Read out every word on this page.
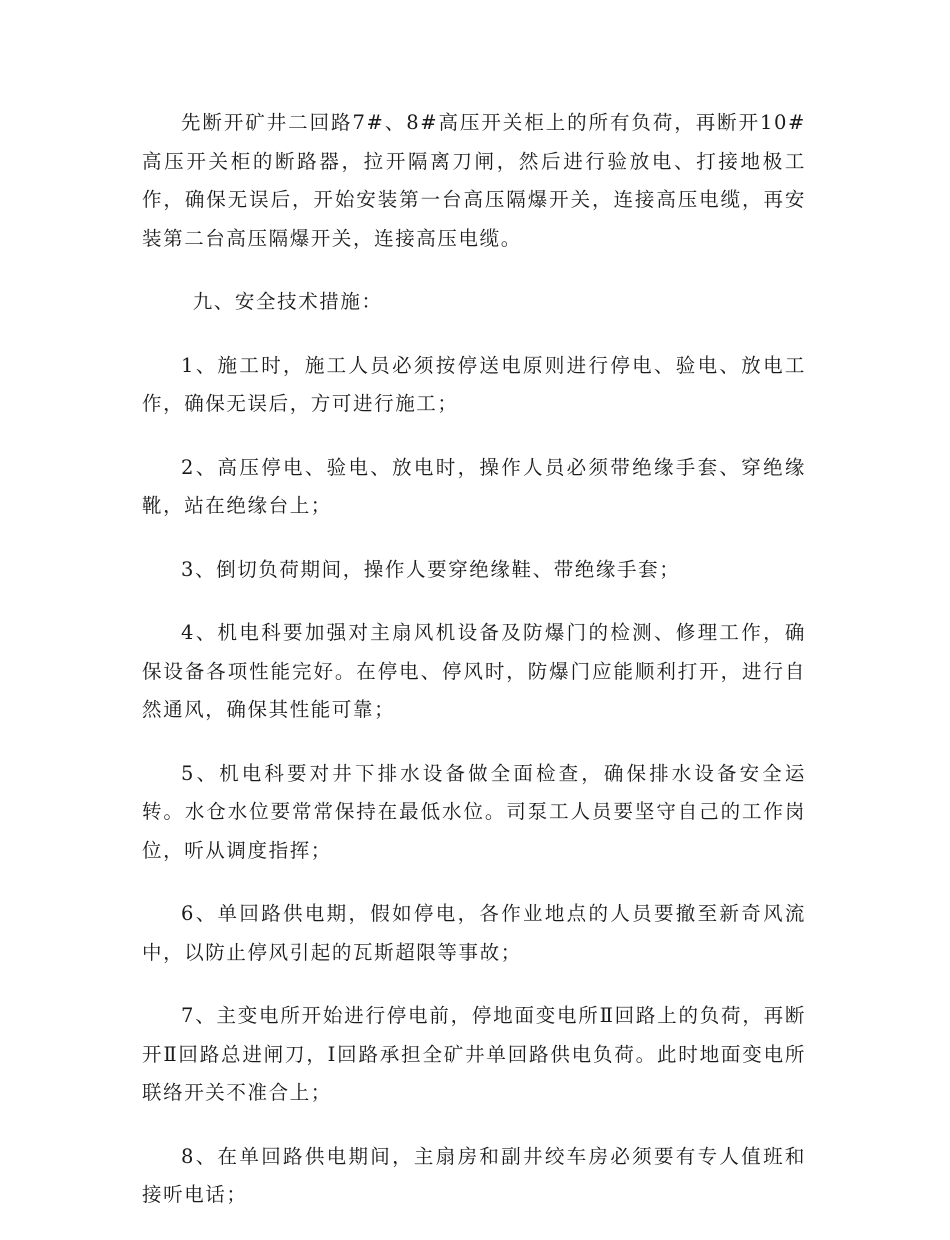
先断开矿井二回路7#、8#高压开关柜上的所有负荷，再断开10#高压开关柜的断路器，拉开隔离刀闸，然后进行验放电、打接地极工作，确保无误后，开始安装第一台高压隔爆开关，连接高压电缆，再安装第二台高压隔爆开关，连接高压电缆。

九、安全技术措施：

1、施工时，施工人员必须按停送电原则进行停电、验电、放电工作，确保无误后，方可进行施工；

2、高压停电、验电、放电时，操作人员必须带绝缘手套、穿绝缘靴，站在绝缘台上；

3、倒切负荷期间，操作人要穿绝缘鞋、带绝缘手套；

4、机电科要加强对主扇风机设备及防爆门的检测、修理工作，确保设备各项性能完好。在停电、停风时，防爆门应能顺利打开，进行自然通风，确保其性能可靠；

5、机电科要对井下排水设备做全面检查，确保排水设备安全运转。水仓水位要常常保持在最低水位。司泵工人员要坚守自己的工作岗位，听从调度指挥；

6、单回路供电期，假如停电，各作业地点的人员要撤至新奇风流中，以防止停风引起的瓦斯超限等事故；

7、主变电所开始进行停电前，停地面变电所Ⅱ回路上的负荷，再断开Ⅱ回路总进闸刀，Ⅰ回路承担全矿井单回路供电负荷。此时地面变电所联络开关不准合上；

8、在单回路供电期间，主扇房和副井绞车房必须要有专人值班和接听电话；
